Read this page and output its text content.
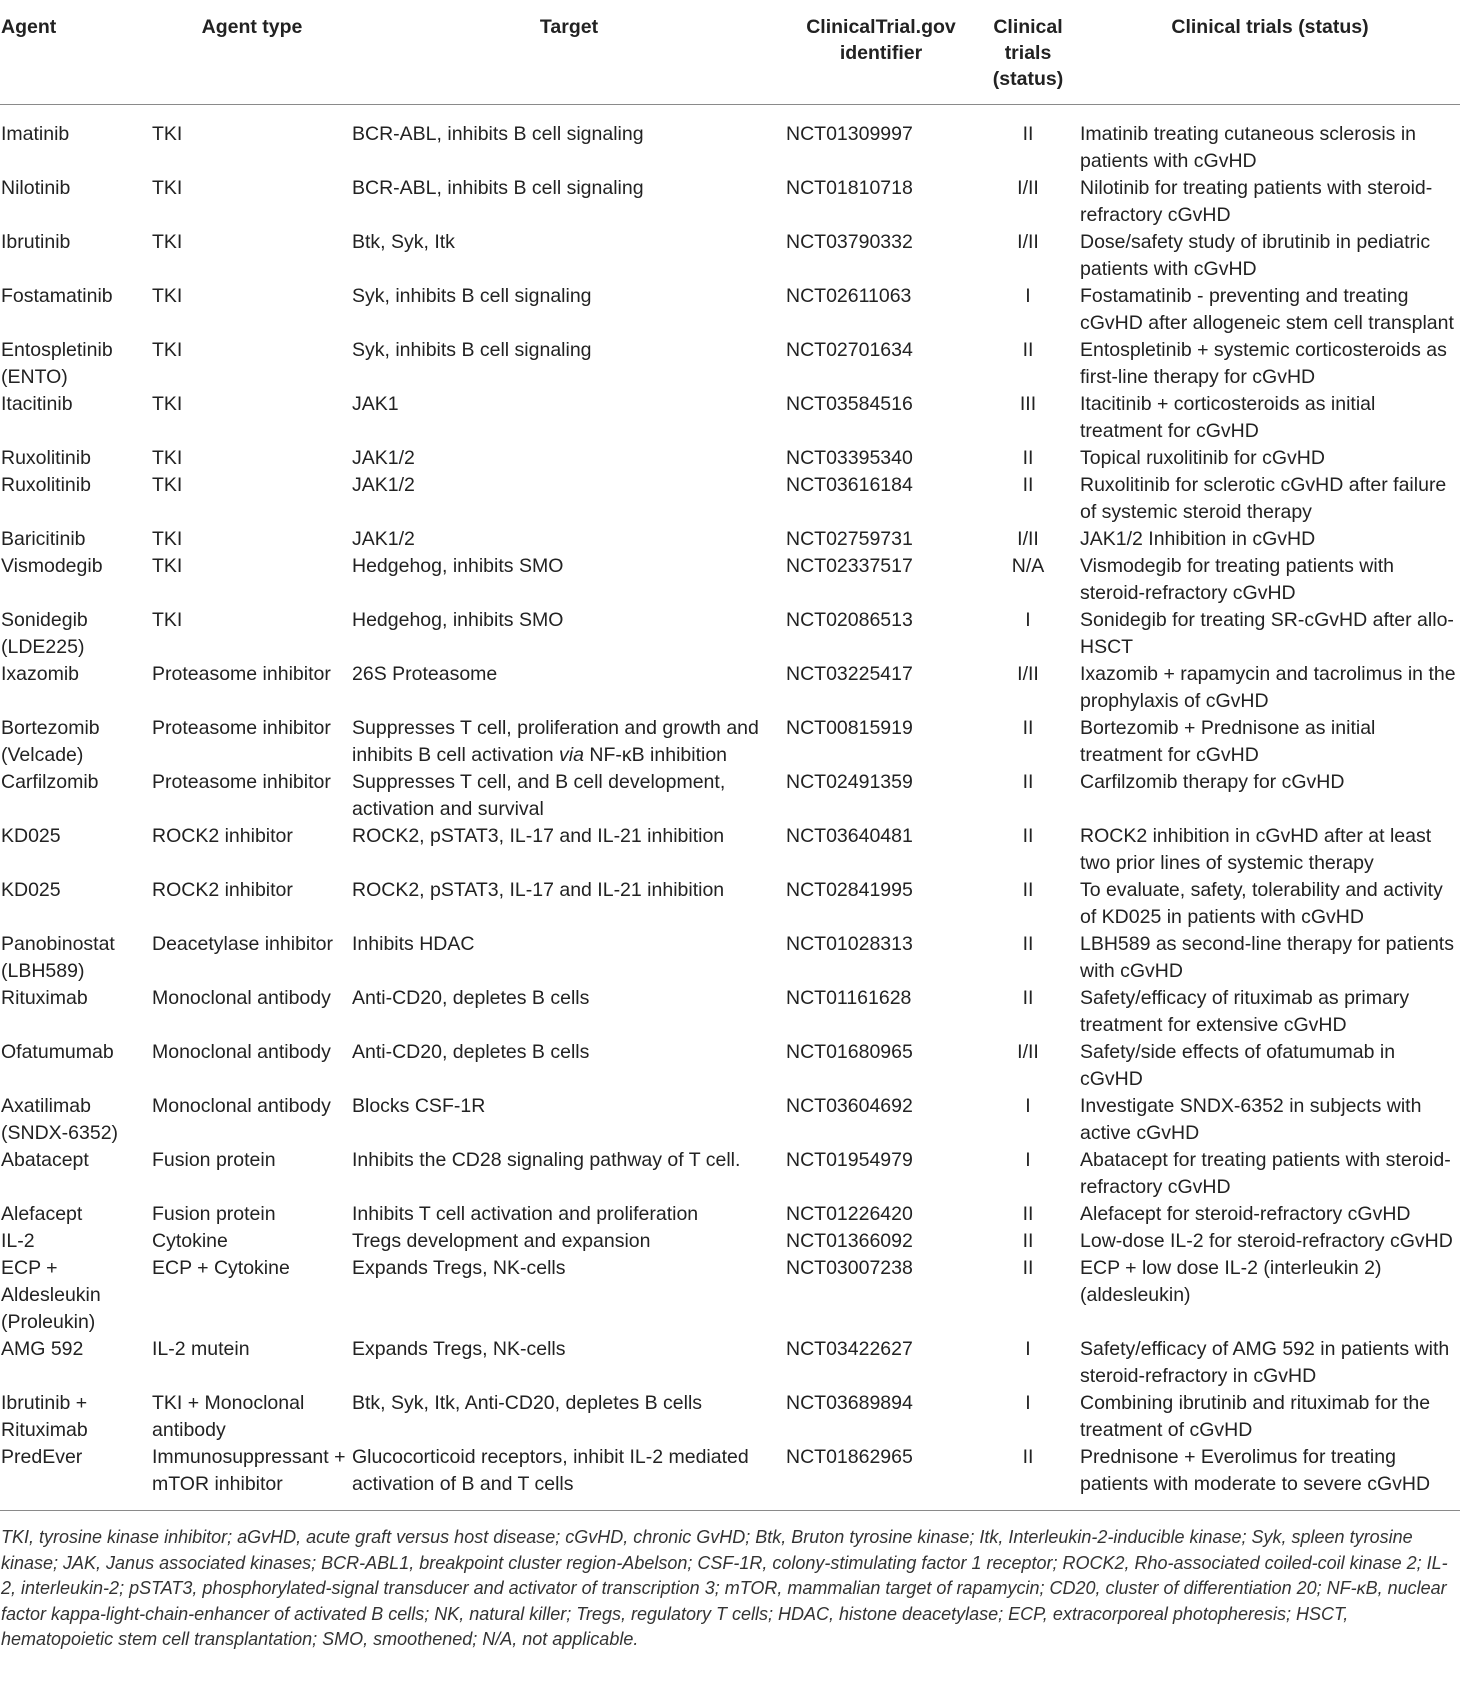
Agent	Agent type	Target	ClinicalTrial.gov identifier	Clinical trials (status)	Clinical trials (status)
Imatinib	TKI	BCR-ABL, inhibits B cell signaling	NCT01309997	II	Imatinib treating cutaneous sclerosis in patients with cGvHD
Nilotinib	TKI	BCR-ABL, inhibits B cell signaling	NCT01810718	I/II	Nilotinib for treating patients with steroid-refractory cGvHD
Ibrutinib	TKI	Btk, Syk, Itk	NCT03790332	I/II	Dose/safety study of ibrutinib in pediatric patients with cGvHD
Fostamatinib	TKI	Syk, inhibits B cell signaling	NCT02611063	I	Fostamatinib - preventing and treating cGvHD after allogeneic stem cell transplant
Entospletinib (ENTO)	TKI	Syk, inhibits B cell signaling	NCT02701634	II	Entospletinib + systemic corticosteroids as first-line therapy for cGvHD
Itacitinib	TKI	JAK1	NCT03584516	III	Itacitinib + corticosteroids as initial treatment for cGvHD
Ruxolitinib	TKI	JAK1/2	NCT03395340	II	Topical ruxolitinib for cGvHD
Ruxolitinib	TKI	JAK1/2	NCT03616184	II	Ruxolitinib for sclerotic cGvHD after failure of systemic steroid therapy
Baricitinib	TKI	JAK1/2	NCT02759731	I/II	JAK1/2 Inhibition in cGvHD
Vismodegib	TKI	Hedgehog, inhibits SMO	NCT02337517	N/A	Vismodegib for treating patients with steroid-refractory cGvHD
Sonidegib (LDE225)	TKI	Hedgehog, inhibits SMO	NCT02086513	I	Sonidegib for treating SR-cGvHD after allo-HSCT
Ixazomib	Proteasome inhibitor	26S Proteasome	NCT03225417	I/II	Ixazomib + rapamycin and tacrolimus in the prophylaxis of cGvHD
Bortezomib (Velcade)	Proteasome inhibitor	Suppresses T cell, proliferation and growth and inhibits B cell activation via NF-κB inhibition	NCT00815919	II	Bortezomib + Prednisone as initial treatment for cGvHD
Carfilzomib	Proteasome inhibitor	Suppresses T cell, and B cell development, activation and survival	NCT02491359	II	Carfilzomib therapy for cGvHD
KD025	ROCK2 inhibitor	ROCK2, pSTAT3, IL-17 and IL-21 inhibition	NCT03640481	II	ROCK2 inhibition in cGvHD after at least two prior lines of systemic therapy
KD025	ROCK2 inhibitor	ROCK2, pSTAT3, IL-17 and IL-21 inhibition	NCT02841995	II	To evaluate, safety, tolerability and activity of KD025 in patients with cGvHD
Panobinostat (LBH589)	Deacetylase inhibitor	Inhibits HDAC	NCT01028313	II	LBH589 as second-line therapy for patients with cGvHD
Rituximab	Monoclonal antibody	Anti-CD20, depletes B cells	NCT01161628	II	Safety/efficacy of rituximab as primary treatment for extensive cGvHD
Ofatumumab	Monoclonal antibody	Anti-CD20, depletes B cells	NCT01680965	I/II	Safety/side effects of ofatumumab in cGvHD
Axatilimab (SNDX-6352)	Monoclonal antibody	Blocks CSF-1R	NCT03604692	I	Investigate SNDX-6352 in subjects with active cGvHD
Abatacept	Fusion protein	Inhibits the CD28 signaling pathway of T cell.	NCT01954979	I	Abatacept for treating patients with steroid-refractory cGvHD
Alefacept	Fusion protein	Inhibits T cell activation and proliferation	NCT01226420	II	Alefacept for steroid-refractory cGvHD
IL-2	Cytokine	Tregs development and expansion	NCT01366092	II	Low-dose IL-2 for steroid-refractory cGvHD
ECP + Aldesleukin (Proleukin)	ECP + Cytokine	Expands Tregs, NK-cells	NCT03007238	II	ECP + low dose IL-2 (interleukin 2) (aldesleukin)
AMG 592	IL-2 mutein	Expands Tregs, NK-cells	NCT03422627	I	Safety/efficacy of AMG 592 in patients with steroid-refractory in cGvHD
Ibrutinib + Rituximab	TKI + Monoclonal antibody	Btk, Syk, Itk, Anti-CD20, depletes B cells	NCT03689894	I	Combining ibrutinib and rituximab for the treatment of cGvHD
PredEver	Immunosuppressant + mTOR inhibitor	Glucocorticoid receptors, inhibit IL-2 mediated activation of B and T cells	NCT01862965	II	Prednisone + Everolimus for treating patients with moderate to severe cGvHD
TKI, tyrosine kinase inhibitor; aGvHD, acute graft versus host disease; cGvHD, chronic GvHD; Btk, Bruton tyrosine kinase; Itk, Interleukin-2-inducible kinase; Syk, spleen tyrosine kinase; JAK, Janus associated kinases; BCR-ABL1, breakpoint cluster region-Abelson; CSF-1R, colony-stimulating factor 1 receptor; ROCK2, Rho-associated coiled-coil kinase 2; IL-2, interleukin-2; pSTAT3, phosphorylated-signal transducer and activator of transcription 3; mTOR, mammalian target of rapamycin; CD20, cluster of differentiation 20; NF-κB, nuclear factor kappa-light-chain-enhancer of activated B cells; NK, natural killer; Tregs, regulatory T cells; HDAC, histone deacetylase; ECP, extracorporeal photopheresis; HSCT, hematopoietic stem cell transplantation; SMO, smoothened; N/A, not applicable.
